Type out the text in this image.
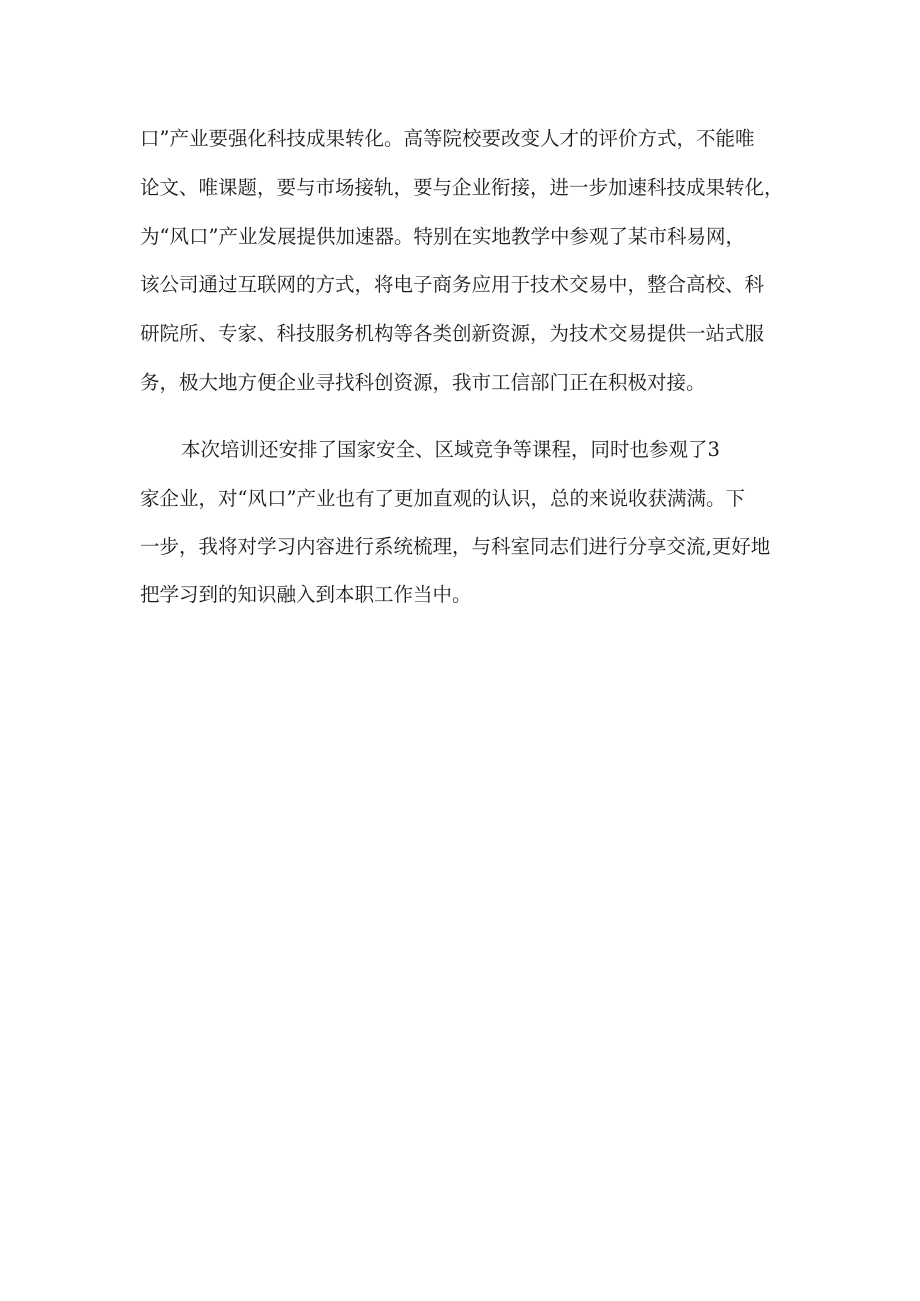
口”产业要强化科技成果转化。高等院校要改变人才的评价方式，不能唯
论文、唯课题，要与市场接轨，要与企业衔接，进一步加速科技成果转化，
为“风口”产业发展提供加速器。特别在实地教学中参观了某市科易网，
该公司通过互联网的方式，将电子商务应用于技术交易中，整合高校、科
研院所、专家、科技服务机构等各类创新资源，为技术交易提供一站式服
务，极大地方便企业寻找科创资源，我市工信部门正在积极对接。
本次培训还安排了国家安全、区域竞争等课程，同时也参观了3
家企业，对“风口”产业也有了更加直观的认识，总的来说收获满满。下
一步，我将对学习内容进行系统梳理，与科室同志们进行分享交流,更好地
把学习到的知识融入到本职工作当中。
